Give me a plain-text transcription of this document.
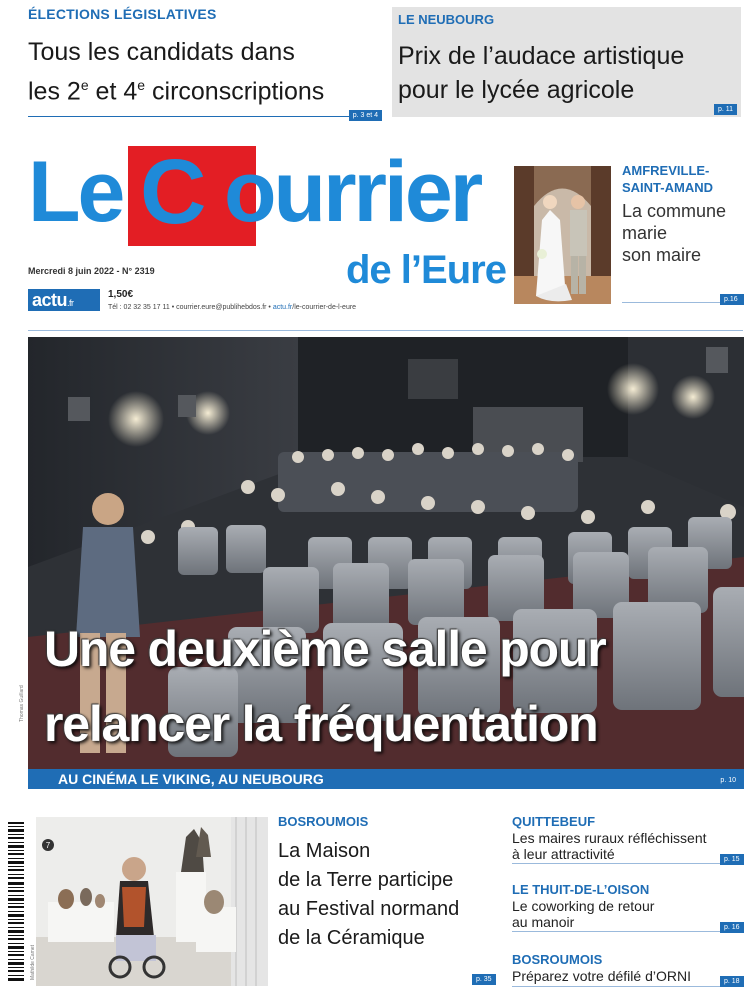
ÉLECTIONS LÉGISLATIVES
Tous les candidats dans
les 2e et 4e circonscriptions
p. 3 et 4
LE NEUBOURG
Prix de l’audace artistique
pour le lycée agricole
p. 11
Le C ourrier
de l’Eure
Mercredi 8 juin 2022 - N° 2319
actu.fr
1,50€
Tél : 02 32 35 17 11 • courrier.eure@publihebdos.fr • actu.fr/le-courrier-de-l-eure
AMFREVILLE-
SAINT-AMAND
La commune
marie
son maire
p.16
Une deuxième salle pour
relancer la fréquentation
Thomas Guillard
AU CINÉMA LE VIKING, AU NEUBOURG	p. 10
7
Mathilde Camet
BOSROUMOIS
La Maison
de la Terre participe
au Festival normand
de la Céramique
p. 35
QUITTEBEUF
Les maires ruraux réfléchissent
à leur attractivité	p. 15
LE THUIT-DE-L’OISON
Le coworking de retour
au manoir	p. 16
BOSROUMOIS
Préparez votre défilé d’ORNI	p. 18
